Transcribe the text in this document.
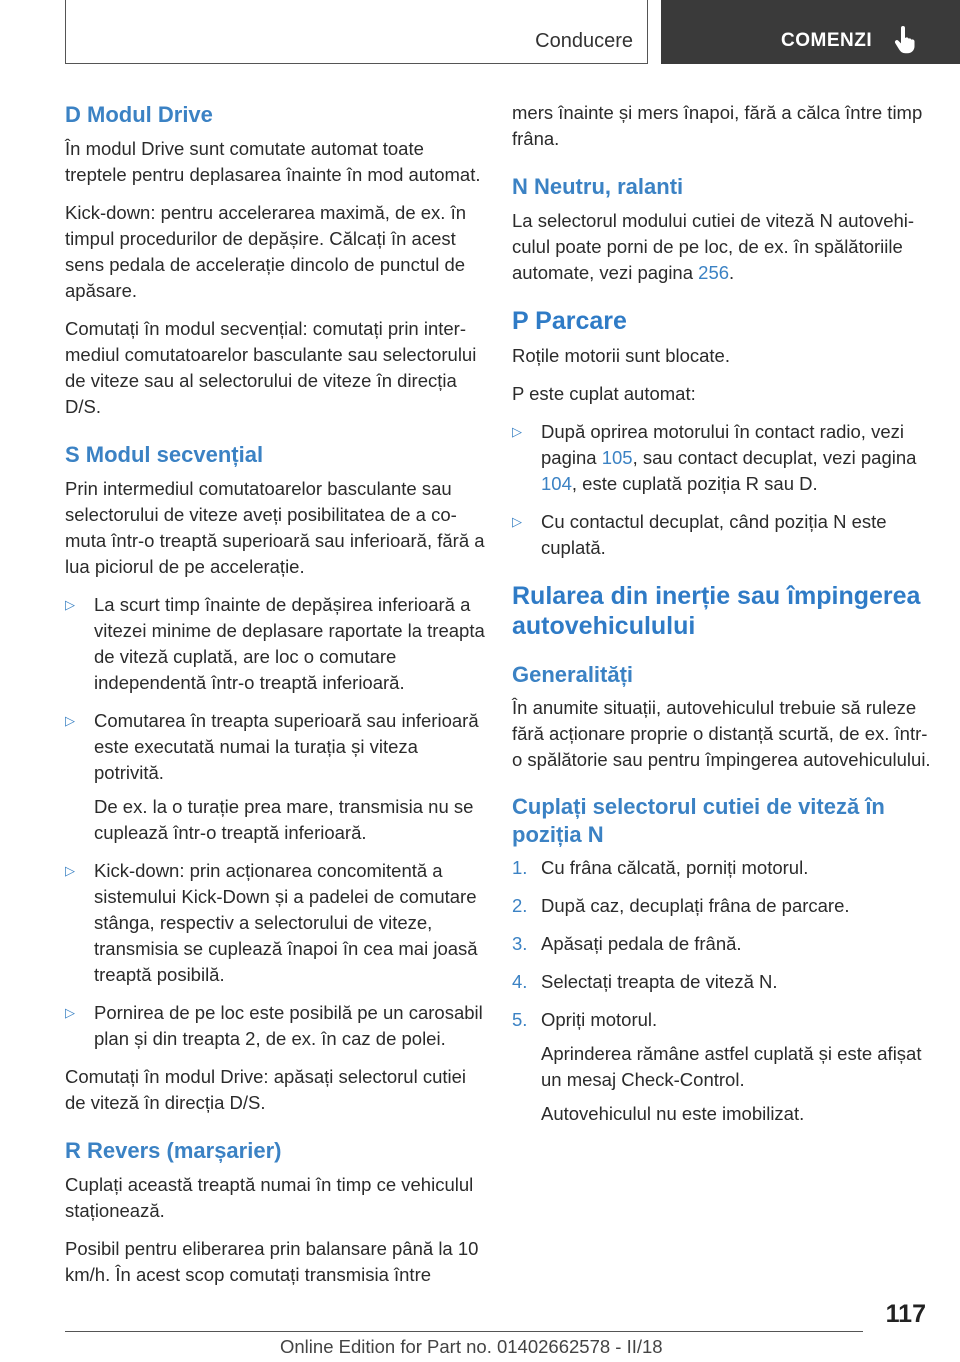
Conducere	COMENZI
D Modul Drive

În modul Drive sunt comutate automat toate treptele pentru deplasarea înainte în mod automat.

Kick-down: pentru accelerarea maximă, de ex. în timpul procedurilor de depășire. Călcați în acest sens pedala de accelerație dincolo de punctul de apăsare.

Comutați în modul secvențial: comutați prin intermediul comutatoarelor basculante sau selectorului de viteze sau al selectorului de viteze în direcția D/S.

S Modul secvențial

Prin intermediul comutatoarelor basculante sau selectorului de viteze aveți posibilitatea de a comuta într-o treaptă superioară sau inferioară, fără a lua piciorul de pe accelerație.

▷ La scurt timp înainte de depășirea inferioară a vitezei minime de deplasare raportate la treapta de viteză cuplată, are loc o comutare independentă într-o treaptă inferioară.
▷ Comutarea în treapta superioară sau inferioară este executată numai la turația și viteza potrivită.
De ex. la o turație prea mare, transmisia nu se cuplează într-o treaptă inferioară.
▷ Kick-down: prin acționarea concomitentă a sistemului Kick-Down și a padelei de comutare stânga, respectiv a selectorului de viteze, transmisia se cuplează înapoi în cea mai joasă treaptă posibilă.
▷ Pornirea de pe loc este posibilă pe un carosabil plan și din treapta 2, de ex. în caz de polei.

Comutați în modul Drive: apăsați selectorul cutiei de viteză în direcția D/S.

R Revers (marșarier)

Cuplați această treaptă numai în timp ce vehiculul staționează.

Posibil pentru eliberarea prin balansare până la 10 km/h. În acest scop comutați transmisia între

mers înainte și mers înapoi, fără a călca între timp frâna.

N Neutru, ralanti

La selectorul modului cutiei de viteză N autovehiculul poate porni de pe loc, de ex. în spălătoriile automate, vezi pagina 256.

P Parcare

Roțile motorii sunt blocate.

P este cuplat automat:

▷ După oprirea motorului în contact radio, vezi pagina 105, sau contact decuplat, vezi pagina 104, este cuplată poziția R sau D.
▷ Cu contactul decuplat, când poziția N este cuplată.
Rularea din inerție sau împingerea autovehiculului
Generalități

În anumite situații, autovehiculul trebuie să ruleze fără acționare proprie o distanță scurtă, de ex. într-o spălătorie sau pentru împingerea autovehiculului.

Cuplați selectorul cutiei de viteză în poziția N
1. Cu frâna călcată, porniți motorul.
2. După caz, decuplați frâna de parcare.
3. Apăsați pedala de frână.
4. Selectați treapta de viteză N.
5. Opriți motorul.
Aprinderea rămâne astfel cuplată și este afișat un mesaj Check-Control.
Autovehiculul nu este imobilizat.
117
Online Edition for Part no. 01402662578 - II/18
